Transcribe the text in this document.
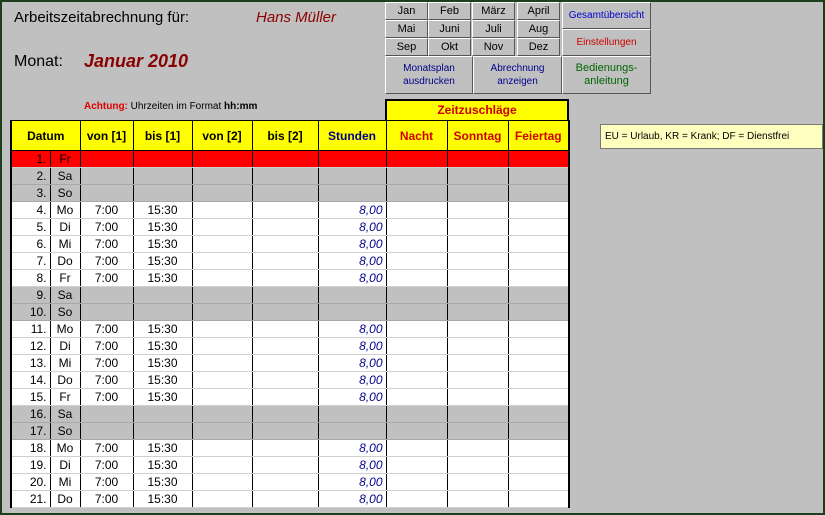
Arbeitszeitabrechnung für:	Hans Müller
Monat: Januar 2010
Achtung: Uhrzeiten im Format hh:mm
Jan	Feb	März	April
Mai	Juni	Juli	Aug
Sep	Okt	Nov	Dez
Gesamtübersicht
Einstellungen
Monatsplan ausdrucken
Abrechnung anzeigen
Bedienungs-anleitung
EU = Urlaub, KR = Krank; DF = Dienstfrei
Zeitzuschläge
Datum		von [1]	bis [1]	von [2]	bis [2]	Stunden	Nacht	Sonntag	Feiertag
1.	Fr								
2.	Sa								
3.	So								
4.	Mo	7:00	15:30			8,00			
5.	Di	7:00	15:30			8,00			
6.	Mi	7:00	15:30			8,00			
7.	Do	7:00	15:30			8,00			
8.	Fr	7:00	15:30			8,00			
9.	Sa								
10.	So								
11.	Mo	7:00	15:30			8,00			
12.	Di	7:00	15:30			8,00			
13.	Mi	7:00	15:30			8,00			
14.	Do	7:00	15:30			8,00			
15.	Fr	7:00	15:30			8,00			
16.	Sa								
17.	So								
18.	Mo	7:00	15:30			8,00			
19.	Di	7:00	15:30			8,00			
20.	Mi	7:00	15:30			8,00			
21.	Do	7:00	15:30			8,00			
